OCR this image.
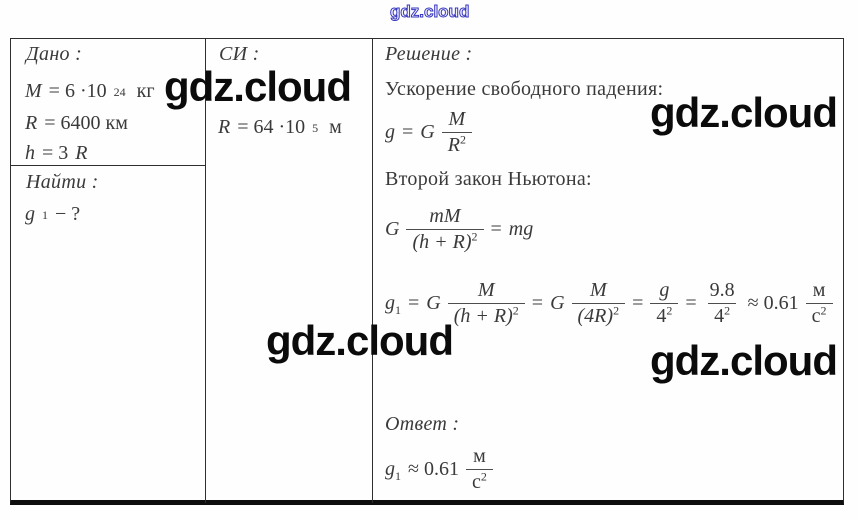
Дано :
M = 6 ·10 24 кг
R = 6400 км
h = 3 R
Найти :
g 1 − ?
СИ :
R = 64 ·10 5 м
Решение :
Ускорение свободного падения:
g = G $\frac{M}{R^2}$
Второй закон Ньютона:
G $\frac{mM}{(h + R)^2}$ = mg
$g_1 = G \frac{M}{(h + R)^2} = G \frac{M}{(4R)^2} = \frac{g}{4^2} = \frac{9.8}{4^2} \approx 0.61 \frac{м}{с^2}$
Ответ :
$g_1 \approx 0.61 \frac{м}{с^2}$
gdz.cloud
gdz.cloud
gdz.cloud
gdz.cloud	gdz.cloud
